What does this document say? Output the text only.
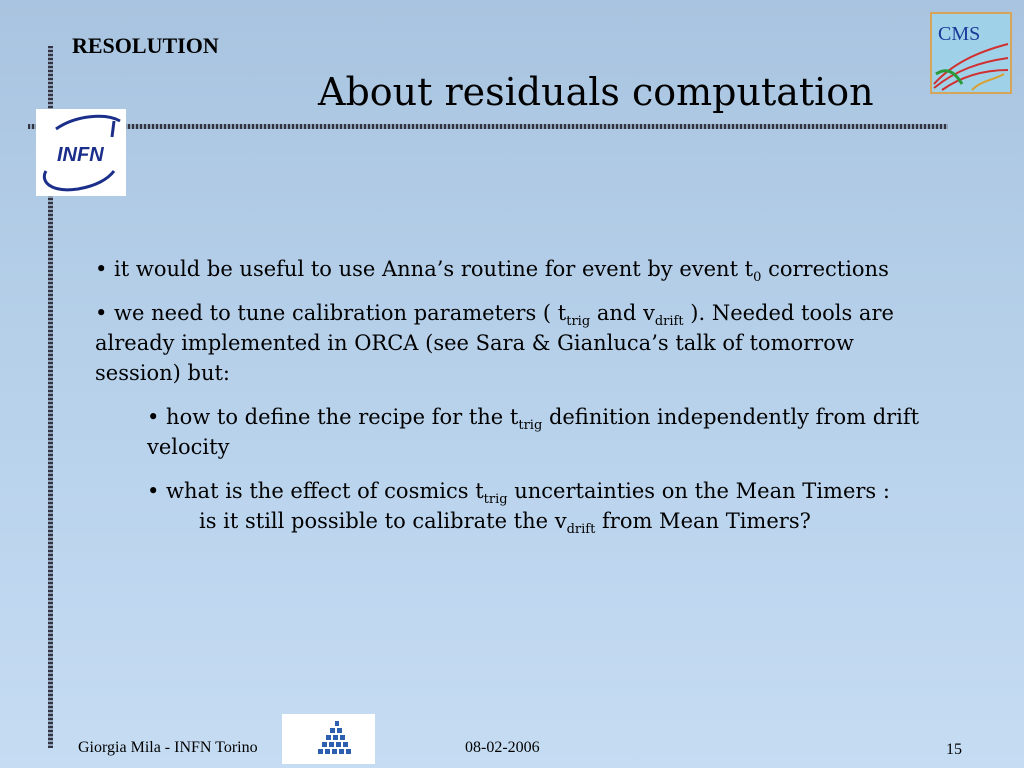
RESOLUTION
About residuals computation
INFN
CMS

• it would be useful to use Anna’s routine for event by event $t_0$ corrections

• we need to tune calibration parameters ( $t_{trig}$ and $v_{drift}$ ). Needed tools are already implemented in ORCA (see Sara & Gianluca’s talk of tomorrow session) but:

• how to define the recipe for the $t_{trig}$ definition independently from drift velocity

• what is the effect of cosmics $t_{trig}$ uncertainties on the Mean Timers :
is it still possible to calibrate the $v_{drift}$ from Mean Timers?

Giorgia Mila - INFN Torino	08-02-2006	15
